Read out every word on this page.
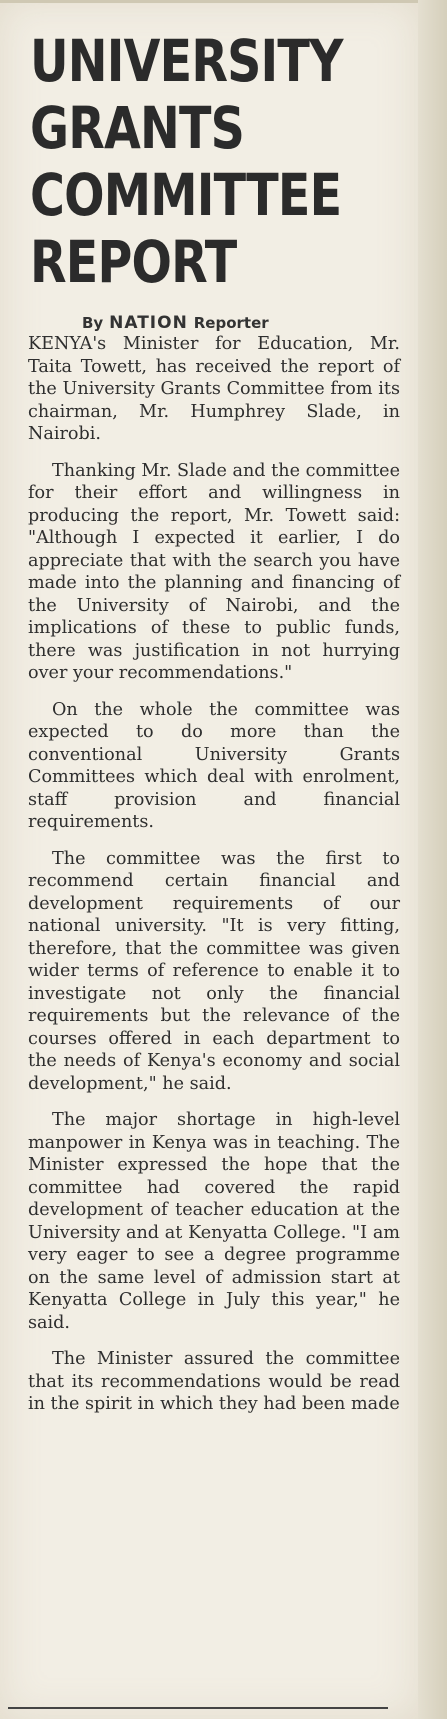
UNIVERSITY
GRANTS
COMMITTEE
REPORT
By NATION Reporter

KENYA's Minister for Education, Mr. Taita Towett, has received the report of the University Grants Committee from its chairman, Mr. Humphrey Slade, in Nairobi.

Thanking Mr. Slade and the committee for their effort and willingness in producing the report, Mr. Towett said: "Although I expected it earlier, I do appreciate that with the search you have made into the planning and financing of the University of Nairobi, and the implications of these to public funds, there was justification in not hurrying over your recommendations."

On the whole the committee was expected to do more than the conventional University Grants Committees which deal with enrolment, staff provision and financial requirements.

The committee was the first to recommend certain financial and development requirements of our national university. "It is very fitting, therefore, that the committee was given wider terms of reference to enable it to investigate not only the financial requirements but the relevance of the courses offered in each department to the needs of Kenya's economy and social development," he said.

The major shortage in high-level manpower in Kenya was in teaching. The Minister expressed the hope that the committee had covered the rapid development of teacher education at the University and at Kenyatta College. "I am very eager to see a degree programme on the same level of admission start at Kenyatta College in July this year," he said.

The Minister assured the committee that its recommendations would be read in the spirit in which they had been made
